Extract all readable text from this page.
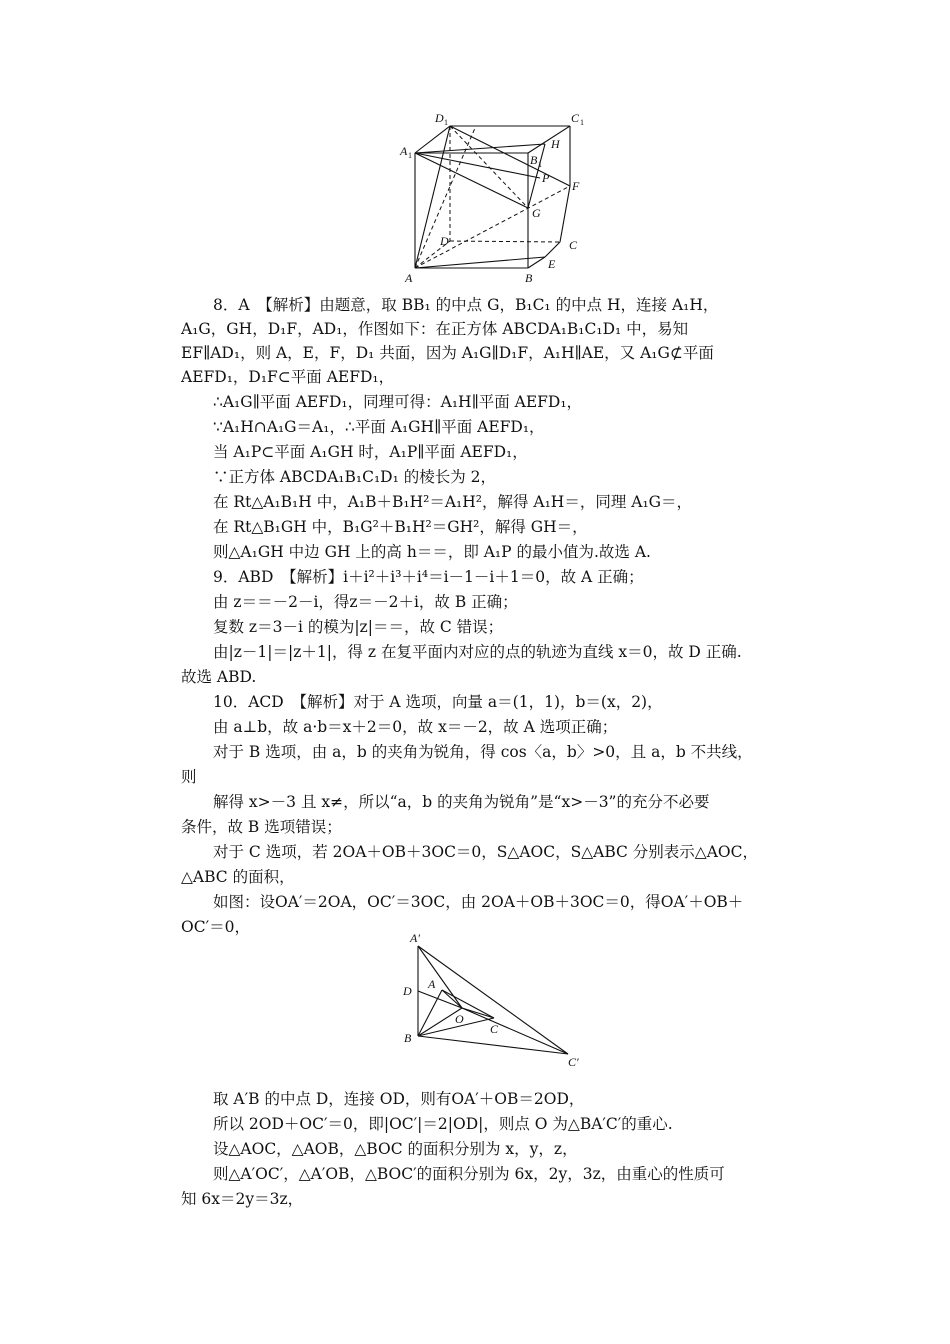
D 1	C 1
A 1	B 1
H
P
F
G
D	C
A	B
E
8．A　【解析】由题意，取 BB₁ 的中点 G，B₁C₁ 的中点 H，连接 A₁H，
A₁G，GH，D₁F，AD₁，作图如下：在正方体 ABCDA₁B₁C₁D₁ 中，易知
EF∥AD₁，则 A，E，F，D₁ 共面，因为 A₁G∥D₁F，A₁H∥AE，又 A₁G⊄平面
AEFD₁，D₁F⊂平面 AEFD₁，
∴A₁G∥平面 AEFD₁，同理可得：A₁H∥平面 AEFD₁，
∵A₁H∩A₁G＝A₁，∴平面 A₁GH∥平面 AEFD₁，
当 A₁P⊂平面 A₁GH 时，A₁P∥平面 AEFD₁，
∵正方体 ABCDA₁B₁C₁D₁ 的棱长为 2，
在 Rt△A₁B₁H 中，A₁B＋B₁H²＝A₁H²，解得 A₁H＝，同理 A₁G＝，
在 Rt△B₁GH 中，B₁G²＋B₁H²＝GH²，解得 GH＝，
则△A₁GH 中边 GH 上的高 h＝＝，即 A₁P 的最小值为.故选 A.
9．ABD　【解析】i＋i²＋i³＋i⁴＝i－1－i＋1＝0，故 A 正确；
由 z＝＝－2－i，得z＝－2＋i，故 B 正确；
复数 z＝3－i 的模为|z|＝＝，故 C 错误；
由|z－1|＝|z＋1|，得 z 在复平面内对应的点的轨迹为直线 x＝0，故 D 正确.
故选 ABD.
10．ACD　【解析】对于 A 选项，向量 a＝(1，1)，b＝(x，2)，
由 a⊥b，故 a·b＝x＋2＝0，故 x＝－2，故 A 选项正确；
对于 B 选项，由 a，b 的夹角为锐角，得 cos〈a，b〉>0，且 a，b 不共线，
则
解得 x>－3 且 x≠，所以“a，b 的夹角为锐角”是“x>－3”的充分不必要
条件，故 B 选项错误；
对于 C 选项，若 2OA＋OB＋3OC＝0，S△AOC，S△ABC 分别表示△AOC，
△ABC 的面积，
如图：设OA′＝2OA，OC′＝3OC，由 2OA＋OB＋3OC＝0，得OA′＋OB＋
OC′＝0，
A′
D A
O
B
C
C′
取 A′B 的中点 D，连接 OD，则有OA′＋OB＝2OD，
所以 2OD＋OC′＝0，即|OC′|＝2|OD|，则点 O 为△BA′C′的重心.
设△AOC，△AOB，△BOC 的面积分别为 x，y，z，
则△A′OC′，△A′OB，△BOC′的面积分别为 6x，2y，3z，由重心的性质可
知 6x＝2y＝3z，
